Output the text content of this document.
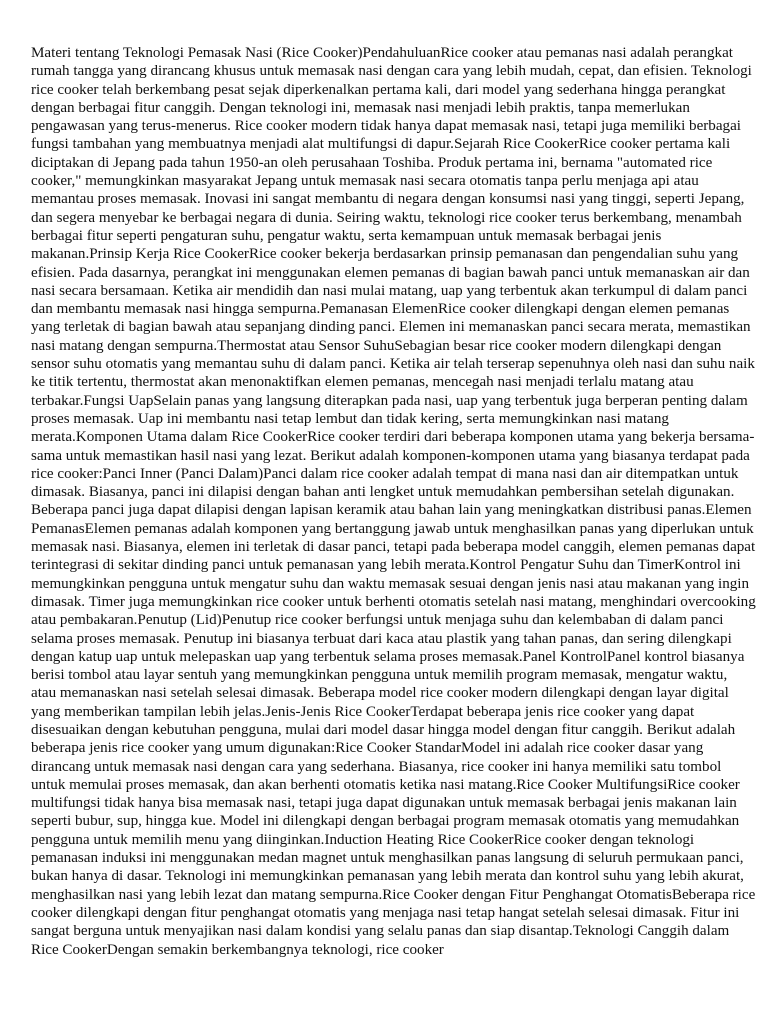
Materi tentang Teknologi Pemasak Nasi (Rice Cooker)PendahuluanRice cooker atau pemanas nasi adalah perangkat rumah tangga yang dirancang khusus untuk memasak nasi dengan cara yang lebih mudah, cepat, dan efisien. Teknologi rice cooker telah berkembang pesat sejak diperkenalkan pertama kali, dari model yang sederhana hingga perangkat dengan berbagai fitur canggih. Dengan teknologi ini, memasak nasi menjadi lebih praktis, tanpa memerlukan pengawasan yang terus-menerus. Rice cooker modern tidak hanya dapat memasak nasi, tetapi juga memiliki berbagai fungsi tambahan yang membuatnya menjadi alat multifungsi di dapur.Sejarah Rice CookerRice cooker pertama kali diciptakan di Jepang pada tahun 1950-an oleh perusahaan Toshiba. Produk pertama ini, bernama "automated rice cooker," memungkinkan masyarakat Jepang untuk memasak nasi secara otomatis tanpa perlu menjaga api atau memantau proses memasak. Inovasi ini sangat membantu di negara dengan konsumsi nasi yang tinggi, seperti Jepang, dan segera menyebar ke berbagai negara di dunia. Seiring waktu, teknologi rice cooker terus berkembang, menambah berbagai fitur seperti pengaturan suhu, pengatur waktu, serta kemampuan untuk memasak berbagai jenis makanan.Prinsip Kerja Rice CookerRice cooker bekerja berdasarkan prinsip pemanasan dan pengendalian suhu yang efisien. Pada dasarnya, perangkat ini menggunakan elemen pemanas di bagian bawah panci untuk memanaskan air dan nasi secara bersamaan. Ketika air mendidih dan nasi mulai matang, uap yang terbentuk akan terkumpul di dalam panci dan membantu memasak nasi hingga sempurna.Pemanasan ElemenRice cooker dilengkapi dengan elemen pemanas yang terletak di bagian bawah atau sepanjang dinding panci. Elemen ini memanaskan panci secara merata, memastikan nasi matang dengan sempurna.Thermostat atau Sensor SuhuSebagian besar rice cooker modern dilengkapi dengan sensor suhu otomatis yang memantau suhu di dalam panci. Ketika air telah terserap sepenuhnya oleh nasi dan suhu naik ke titik tertentu, thermostat akan menonaktifkan elemen pemanas, mencegah nasi menjadi terlalu matang atau terbakar.Fungsi UapSelain panas yang langsung diterapkan pada nasi, uap yang terbentuk juga berperan penting dalam proses memasak. Uap ini membantu nasi tetap lembut dan tidak kering, serta memungkinkan nasi matang merata.Komponen Utama dalam Rice CookerRice cooker terdiri dari beberapa komponen utama yang bekerja bersama-sama untuk memastikan hasil nasi yang lezat. Berikut adalah komponen-komponen utama yang biasanya terdapat pada rice cooker:Panci Inner (Panci Dalam)Panci dalam rice cooker adalah tempat di mana nasi dan air ditempatkan untuk dimasak. Biasanya, panci ini dilapisi dengan bahan anti lengket untuk memudahkan pembersihan setelah digunakan. Beberapa panci juga dapat dilapisi dengan lapisan keramik atau bahan lain yang meningkatkan distribusi panas.Elemen PemanasElemen pemanas adalah komponen yang bertanggung jawab untuk menghasilkan panas yang diperlukan untuk memasak nasi. Biasanya, elemen ini terletak di dasar panci, tetapi pada beberapa model canggih, elemen pemanas dapat terintegrasi di sekitar dinding panci untuk pemanasan yang lebih merata.Kontrol Pengatur Suhu dan TimerKontrol ini memungkinkan pengguna untuk mengatur suhu dan waktu memasak sesuai dengan jenis nasi atau makanan yang ingin dimasak. Timer juga memungkinkan rice cooker untuk berhenti otomatis setelah nasi matang, menghindari overcooking atau pembakaran.Penutup (Lid)Penutup rice cooker berfungsi untuk menjaga suhu dan kelembaban di dalam panci selama proses memasak. Penutup ini biasanya terbuat dari kaca atau plastik yang tahan panas, dan sering dilengkapi dengan katup uap untuk melepaskan uap yang terbentuk selama proses memasak.Panel KontrolPanel kontrol biasanya berisi tombol atau layar sentuh yang memungkinkan pengguna untuk memilih program memasak, mengatur waktu, atau memanaskan nasi setelah selesai dimasak. Beberapa model rice cooker modern dilengkapi dengan layar digital yang memberikan tampilan lebih jelas.Jenis-Jenis Rice CookerTerdapat beberapa jenis rice cooker yang dapat disesuaikan dengan kebutuhan pengguna, mulai dari model dasar hingga model dengan fitur canggih. Berikut adalah beberapa jenis rice cooker yang umum digunakan:Rice Cooker StandarModel ini adalah rice cooker dasar yang dirancang untuk memasak nasi dengan cara yang sederhana. Biasanya, rice cooker ini hanya memiliki satu tombol untuk memulai proses memasak, dan akan berhenti otomatis ketika nasi matang.Rice Cooker MultifungsiRice cooker multifungsi tidak hanya bisa memasak nasi, tetapi juga dapat digunakan untuk memasak berbagai jenis makanan lain seperti bubur, sup, hingga kue. Model ini dilengkapi dengan berbagai program memasak otomatis yang memudahkan pengguna untuk memilih menu yang diinginkan.Induction Heating Rice CookerRice cooker dengan teknologi pemanasan induksi ini menggunakan medan magnet untuk menghasilkan panas langsung di seluruh permukaan panci, bukan hanya di dasar. Teknologi ini memungkinkan pemanasan yang lebih merata dan kontrol suhu yang lebih akurat, menghasilkan nasi yang lebih lezat dan matang sempurna.Rice Cooker dengan Fitur Penghangat OtomatisBeberapa rice cooker dilengkapi dengan fitur penghangat otomatis yang menjaga nasi tetap hangat setelah selesai dimasak. Fitur ini sangat berguna untuk menyajikan nasi dalam kondisi yang selalu panas dan siap disantap.Teknologi Canggih dalam Rice CookerDengan semakin berkembangnya teknologi, rice cooker
